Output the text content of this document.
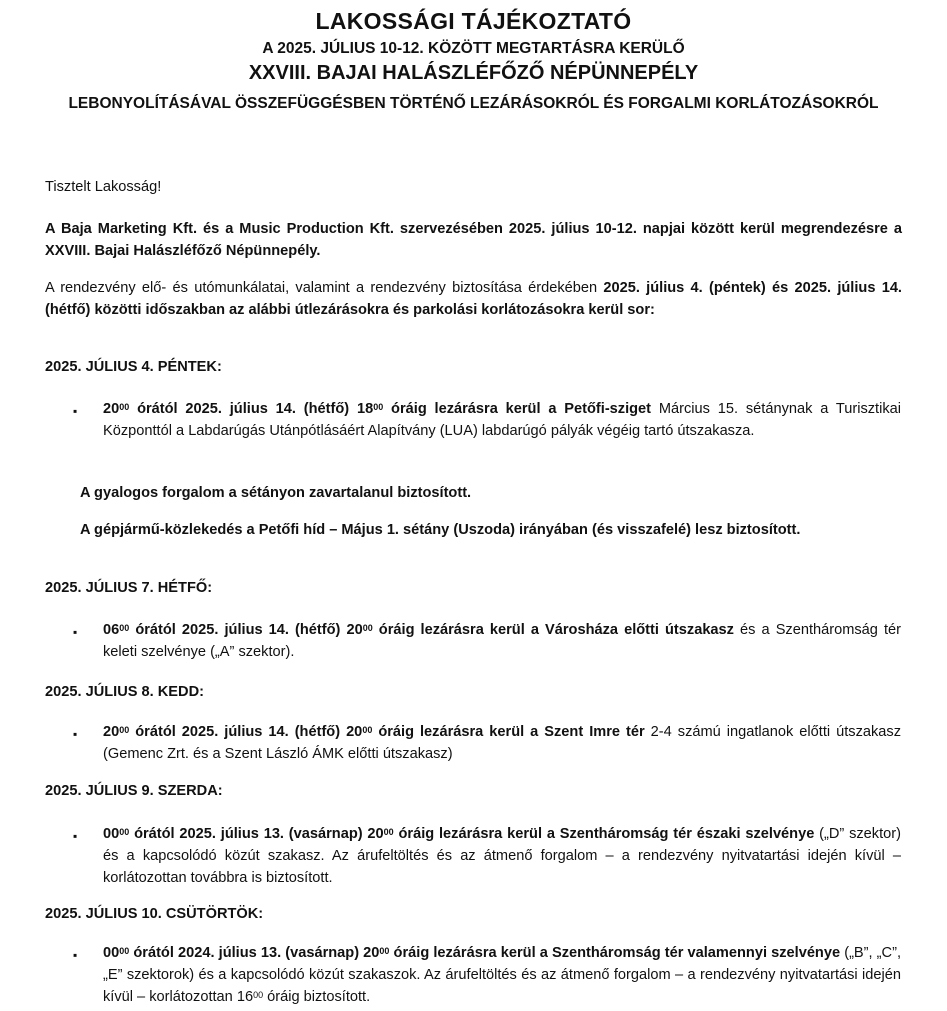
LAKOSSÁGI TÁJÉKOZTATÓ

A 2025. JÚLIUS 10-12. KÖZÖTT MEGTARTÁSRA KERÜLŐ

XXVIII. BAJAI HALÁSZLÉFŐZŐ NÉPÜNNEPÉLY

LEBONYOLÍTÁSÁVAL ÖSSZEFÜGGÉSBEN TÖRTÉNŐ LEZÁRÁSOKRÓL ÉS FORGALMI KORLÁTOZÁSOKRÓL

Tisztelt Lakosság!

A Baja Marketing Kft. és a Music Production Kft. szervezésében 2025. július 10-12. napjai között kerül megrendezésre a XXVIII. Bajai Halászléfőző Népünnepély.

A rendezvény elő- és utómunkálatai, valamint a rendezvény biztosítása érdekében 2025. július 4. (péntek) és 2025. július 14. (hétfő) közötti időszakban az alábbi útlezárásokra és parkolási korlátozásokra kerül sor:

2025. JÚLIUS 4. PÉNTEK:

▪ $20^{00}$ órától 2025. július 14. (hétfő) $18^{00}$ óráig lezárásra kerül a Petőfi-sziget Március 15. sétánynak a Turisztikai Központtól a Labdarúgás Utánpótlásáért Alapítvány (LUA) labdarúgó pályák végéig tartó útszakasza.

A gyalogos forgalom a sétányon zavartalanul biztosított.

A gépjármű-közlekedés a Petőfi híd – Május 1. sétány (Uszoda) irányában (és visszafelé) lesz biztosított.

2025. JÚLIUS 7. HÉTFŐ:

▪ $06^{00}$ órától 2025. július 14. (hétfő) $20^{00}$ óráig lezárásra kerül a Városháza előtti útszakasz és a Szentháromság tér keleti szelvénye („A” szektor).

2025. JÚLIUS 8. KEDD:

▪ $20^{00}$ órától 2025. július 14. (hétfő) $20^{00}$ óráig lezárásra kerül a Szent Imre tér 2-4 számú ingatlanok előtti útszakasz (Gemenc Zrt. és a Szent László ÁMK előtti útszakasz)

2025. JÚLIUS 9. SZERDA:

▪ $00^{00}$ órától 2025. július 13. (vasárnap) $20^{00}$ óráig lezárásra kerül a Szentháromság tér északi szelvénye („D” szektor) és a kapcsolódó közút szakasz. Az árufeltöltés és az átmenő forgalom – a rendezvény nyitvatartási idején kívül – korlátozottan továbbra is biztosított.

2025. JÚLIUS 10. CSÜTÖRTÖK:

▪ $00^{00}$ órától 2024. július 13. (vasárnap) $20^{00}$ óráig lezárásra kerül a Szentháromság tér valamennyi szelvénye („B”, „C”, „E” szektorok) és a kapcsolódó közút szakaszok. Az árufeltöltés és az átmenő forgalom – a rendezvény nyitvatartási idején kívül – korlátozottan $16^{00}$ óráig biztosított.
